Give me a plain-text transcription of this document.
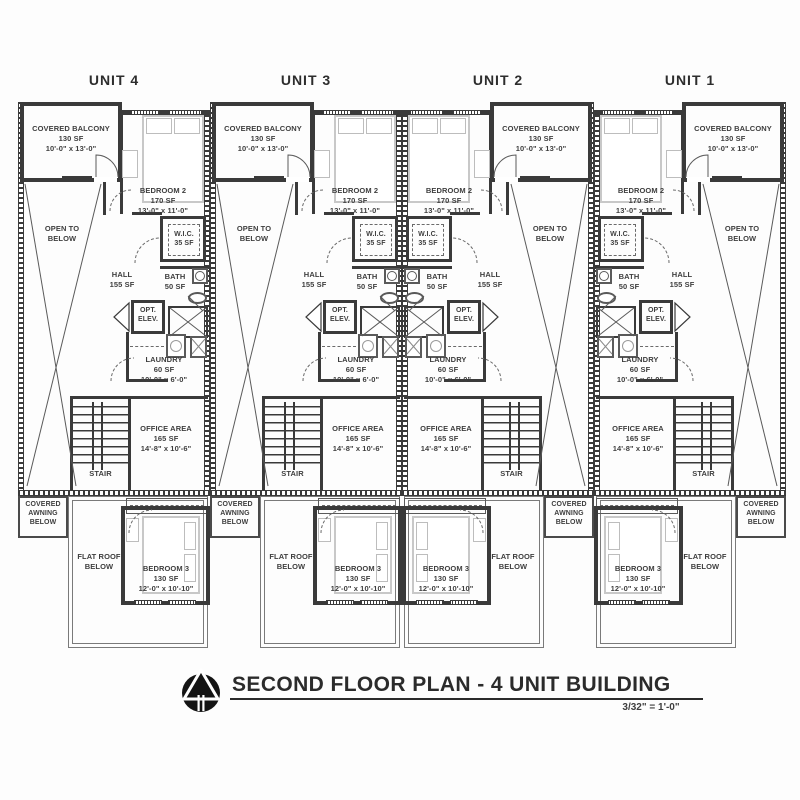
UNIT 4	UNIT 3	UNIT 2	UNIT 1
COVERED BALCONY
130 SF
10'-0" x 13'-0"
BEDROOM 2
170 SF
13'-0" x 11'-0"
OPEN TO
BELOW	W.I.C.
35 SF
HALL
155 SF
BATH
50 SF
OPT.
ELEV.
LAUNDRY
60 SF
10'-0" x 6'-0"
STAIR
OFFICE AREA
165 SF
14'-8" x 10'-6"
COVERED
AWNING
BELOW
FLAT ROOF
BELOW	BEDROOM 3
130 SF
12'-0" x 10'-10"
COVERED BALCONY
130 SF
10'-0" x 13'-0"
BEDROOM 2
170 SF
13'-0" x 11'-0"
OPEN TO
BELOW	W.I.C.
35 SF
HALL
155 SF
BATH
50 SF
OPT.
ELEV.
LAUNDRY
60 SF
10'-0" x 6'-0"
STAIR
OFFICE AREA
165 SF
14'-8" x 10'-6"
COVERED
AWNING
BELOW
FLAT ROOF
BELOW	BEDROOM 3
130 SF
12'-0" x 10'-10"
COVERED BALCONY
130 SF
10'-0" x 13'-0"
BEDROOM 2
170 SF
13'-0" x 11'-0"
OPEN TO
BELOW
W.I.C.
35 SF
HALL
155 SF
BATH
50 SF
OPT.
ELEV.
LAUNDRY
60 SF
10'-0" x 6'-0"
STAIR
OFFICE AREA
165 SF
14'-8" x 10'-6"
COVERED
AWNING
BELOW
FLAT ROOF
BELOW
BEDROOM 3
130 SF
12'-0" x 10'-10"
COVERED BALCONY
130 SF
10'-0" x 13'-0"
BEDROOM 2
170 SF
13'-0" x 11'-0"
OPEN TO
BELOW
W.I.C.
35 SF
HALL
155 SF
BATH
50 SF
OPT.
ELEV.
LAUNDRY
60 SF
10'-0" x 6'-0"
STAIR
OFFICE AREA
165 SF
14'-8" x 10'-6"
COVERED
AWNING
BELOW
FLAT ROOF
BELOW
BEDROOM 3
130 SF
12'-0" x 10'-10"
SECOND FLOOR PLAN - 4 UNIT BUILDING
3/32" = 1'-0"
